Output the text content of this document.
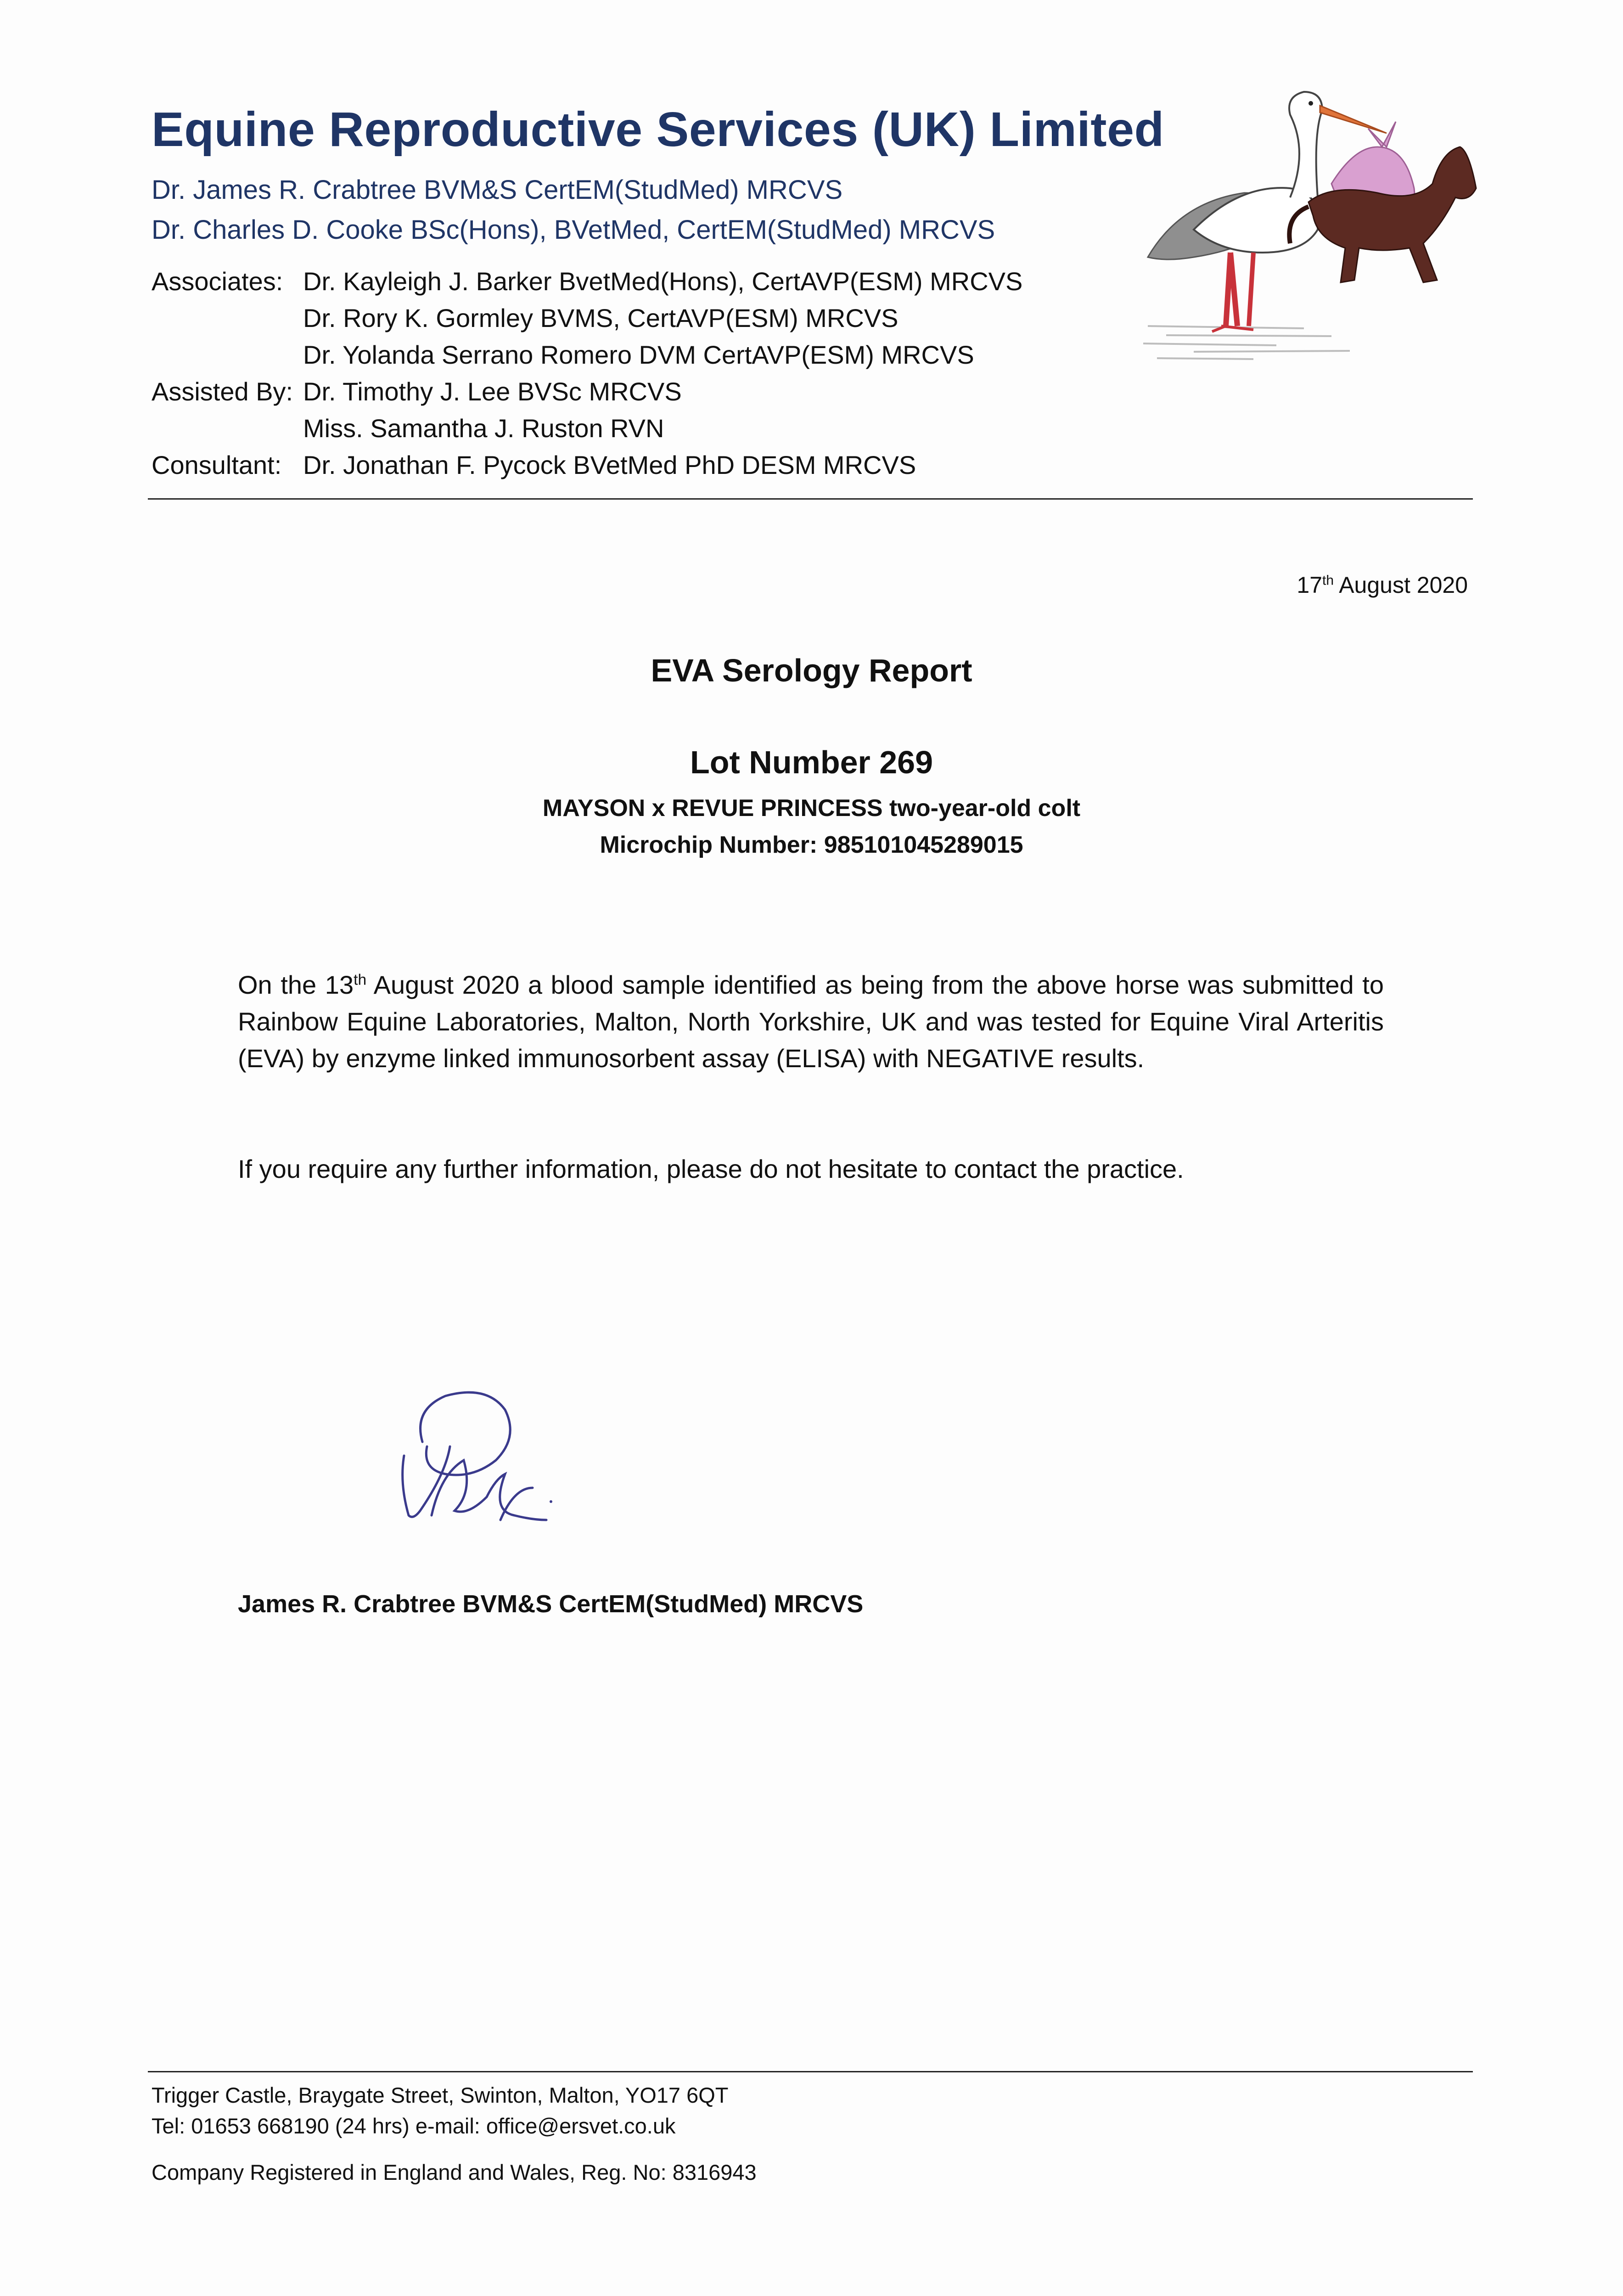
Equine Reproductive Services (UK) Limited
Dr. James R. Crabtree BVM&S CertEM(StudMed) MRCVS
Dr. Charles D. Cooke BSc(Hons), BVetMed, CertEM(StudMed) MRCVS
Associates: Dr. Kayleigh J. Barker BvetMed(Hons), CertAVP(ESM) MRCVS
Dr. Rory K. Gormley BVMS, CertAVP(ESM) MRCVS
Dr. Yolanda Serrano Romero DVM CertAVP(ESM) MRCVS
Assisted By: Dr. Timothy J. Lee BVSc MRCVS
Miss. Samantha J. Ruston RVN
Consultant: Dr. Jonathan F. Pycock BVetMed PhD DESM MRCVS
17th August 2020
EVA Serology Report
Lot Number 269
MAYSON x REVUE PRINCESS two-year-old colt
Microchip Number: 985101045289015
On the 13th August 2020 a blood sample identified as being from the above horse was submitted to Rainbow Equine Laboratories, Malton, North Yorkshire, UK and was tested for Equine Viral Arteritis (EVA) by enzyme linked immunosorbent assay (ELISA) with NEGATIVE results.
If you require any further information, please do not hesitate to contact the practice.
James R. Crabtree BVM&S CertEM(StudMed) MRCVS
Trigger Castle, Braygate Street, Swinton, Malton, YO17 6QT
Tel: 01653 668190 (24 hrs) e-mail: office@ersvet.co.uk
Company Registered in England and Wales, Reg. No: 8316943
